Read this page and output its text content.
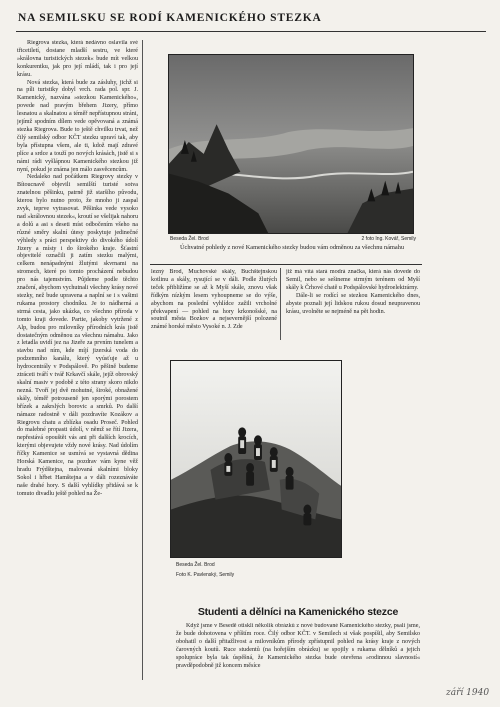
NA SEMILSKU SE RODÍ KAMENICKÉHO STEZKA

Riegrova stezka, která nedávno oslavila své třicetiletí, dostane mladší sestru, ve které »královna turistických stezek« bude mít velkou konkurentku, jak pro její mládí, tak i pro její krásu.

Nová stezka, která bude za zásluhy, jichž si na píli turistiky dobyl vrch. rada pol. spr. J. Kamenický, nazvána »stezkou Kamenického«, povede nad pravým břehem Jizery, přímo lesnatou a skalnatou a téměř nepřístupnou stráni, jejímž spodním dílem vede opěvovaná a známá stezka Riegrova. Bude to ještě chvilku trvat, než čilý semilský odbor KČT stezku upraví tak, aby byla přístupna všem, ale ti, kdož mají zdravé plíce a srdce a touží po nových krásách, jistě si s námi rádi vyšlápnou Kamenického stezkou již nyní, pokud je známa jen málo zasvěcencům.

Nedaleko nad počátkem Riegrovy stezky v Bítoucnavě objevili semilští turisté sotva znatelnou pěšinku, patrně již staršího původu, kterou bylo nutno proto, že mnoho ji zaspal zvyk, teprve vytrasovat. Pěšinka vede vysoko nad »královnou stezek«, kroutí se všelijak nahoru a dolů a asi s deseti míst odbočením všeho na různé směry skalní útesy poskytuje jedinečné výhledy s práci perspektivy do divokého údolí Jizery a místy i do širokého kraje. Šťastní objevitelé označili ji zatím stezku malými, celkem nenápadnými žlutými skvrnami na stromech, které po tomto procházení nebudou pro nás tajemstvím. Půjdeme podle těchto značení, abychom vychutnali všechny krásy nové stezky, než bude upravena a naplní se i s vašimi rukama prostory chodníku. Je to nádherná a strmá cesta, jako ukázka, co všechno příroda v tomto kraji dovede. Partie, jakoby vytržené z Alp, budou pro milovníky přírodních krás jistě dostatečným odměnou za všechnu námahu. Jako z letadla uvidí jez na Jizeře za prvním tunelem a stavbu nad ním, kde míjí jizerská voda do podzemního kanálu, který vyúsťuje až u hydrocentrály v Podspálově. Po pěšině budeme ztráceti tváří v tvář Krkavčí skále, jejíž obrovský skalní masiv v podobě z této strany skoro nikdo nezná. Tvoří jej dvě mohutné, široké, obnažené skály, téměř potrouseně jen sporými porostem břízek a zakrslých borovic a smrků. Po další námaze radostně v dáli pozdravíte Kozákov a Riegrovu chatu a zblízka osadu Proseč. Pohled do malebné propasti údolí, v němž se řítí Jizera, nepřestává opouštět vás ani při dalších krocích, kterými objevujete vždy nové krásy. Nad údolím říčky Kamenice se usmívá se vystavná dědina Horská Kamenice, na pozdrav vám kyne věž hradu Frýdštejna, malovaná skalními bloky Sokol i hřbet Hamštejna a v dáli rozeznáváte naše drahé hory. S další vyhlídky přidává se k tomuto divadlu ještě pohled na Že-

Beseda Žel. Brod	2 foto Ing. Kovář, Semily
Úchvatné pohledy z nové Kamenického stezky budou vám odměnou za všechnu námahu

lezný Brod, Muchovské skály, Buchštejnskou kotlinu a skály, rysující se v dáli. Podle žlutých teček přibližíme se až k Myší skále, znovu však řídkým nízkým lesem vyhoupneme se do výše, abychom na poslední vyhlídce zažili vrcholné překvapení — pohled na hory krkonošské, na soutnil města Bozkov a nejsevernější polozené známé horské město Vysoké n. J. Zde

již má vítá stará modrá značka, která nás dovede do Semil, nebo se sešineme strmým terénem od Myší skály k Črhové chatě u Podspálovské hydroelektrárny.

Dále-li se rodící se stezkou Kamenického dnes, abyste poznali její lidskou rukou dosud neupravenou krásu, uvolněte se nejméně na pět hodin.

Beseda Žel. Brod
Foto K. Pavlenský, Semily
Studenti a dělníci na Kamenického stezce

Když jsme v Besedě otiskli několik obrázků z nové budované Kamenického stezky, psali jsme, že bude dohotovena v příštím roce. Čilý odbor KČT. v Semilech si však pospíšil, aby Semilsko obohatil o další přitažlivost a milovníkům přírody zpřístupnil pohled na krásy kraje z nových čarovných koutů. Ruce studentů (na hořejším obrázku) se spojily s rukama dělníků a jejich spolupráce byla tak úspěšná, že Kamenického stezka bude otevřena »rodinnou slavností« pravděpodobně již koncem měsíce

září 1940
